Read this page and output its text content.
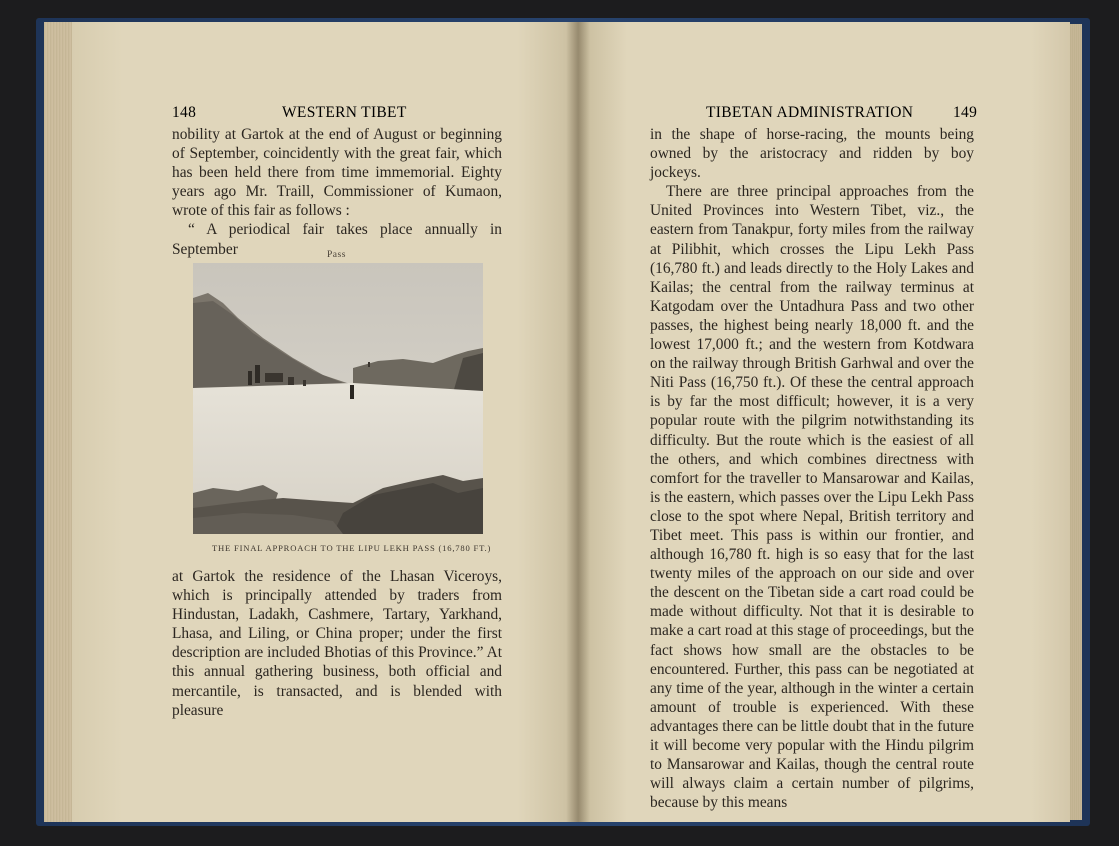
148	WESTERN TIBET

nobility at Gartok at the end of August or beginning of September, coincidently with the great fair, which has been held there from time immemorial. Eighty years ago Mr. Traill, Commissioner of Kumaon, wrote of this fair as follows :

“ A periodical fair takes place annually in September	Pass
THE FINAL APPROACH TO THE LIPU LEKH PASS (16,780 FT.)

at Gartok the residence of the Lhasan Viceroys, which is principally attended by traders from Hindustan, Ladakh, Cashmere, Tartary, Yarkhand, Lhasa, and Liling, or China proper; under the first description are included Bhotias of this Province.” At this annual gathering business, both official and mercantile, is transacted, and is blended with pleasure

TIBETAN ADMINISTRATION	149

in the shape of horse-racing, the mounts being owned by the aristocracy and ridden by boy jockeys.

There are three principal approaches from the United Provinces into Western Tibet, viz., the eastern from Tanakpur, forty miles from the railway at Pilibhit, which crosses the Lipu Lekh Pass (16,780 ft.) and leads directly to the Holy Lakes and Kailas; the central from the railway terminus at Katgodam over the Untadhura Pass and two other passes, the highest being nearly 18,000 ft. and the lowest 17,000 ft.; and the western from Kotdwara on the railway through British Garhwal and over the Niti Pass (16,750 ft.). Of these the central approach is by far the most difficult; however, it is a very popular route with the pilgrim notwithstanding its difficulty. But the route which is the easiest of all the others, and which combines directness with comfort for the traveller to Mansarowar and Kailas, is the eastern, which passes over the Lipu Lekh Pass close to the spot where Nepal, British territory and Tibet meet. This pass is within our frontier, and although 16,780 ft. high is so easy that for the last twenty miles of the approach on our side and over the descent on the Tibetan side a cart road could be made without difficulty. Not that it is desirable to make a cart road at this stage of proceedings, but the fact shows how small are the obstacles to be encountered. Further, this pass can be negotiated at any time of the year, although in the winter a certain amount of trouble is experienced. With these advantages there can be little doubt that in the future it will become very popular with the Hindu pilgrim to Mansarowar and Kailas, though the central route will always claim a certain number of pilgrims, because by this means
